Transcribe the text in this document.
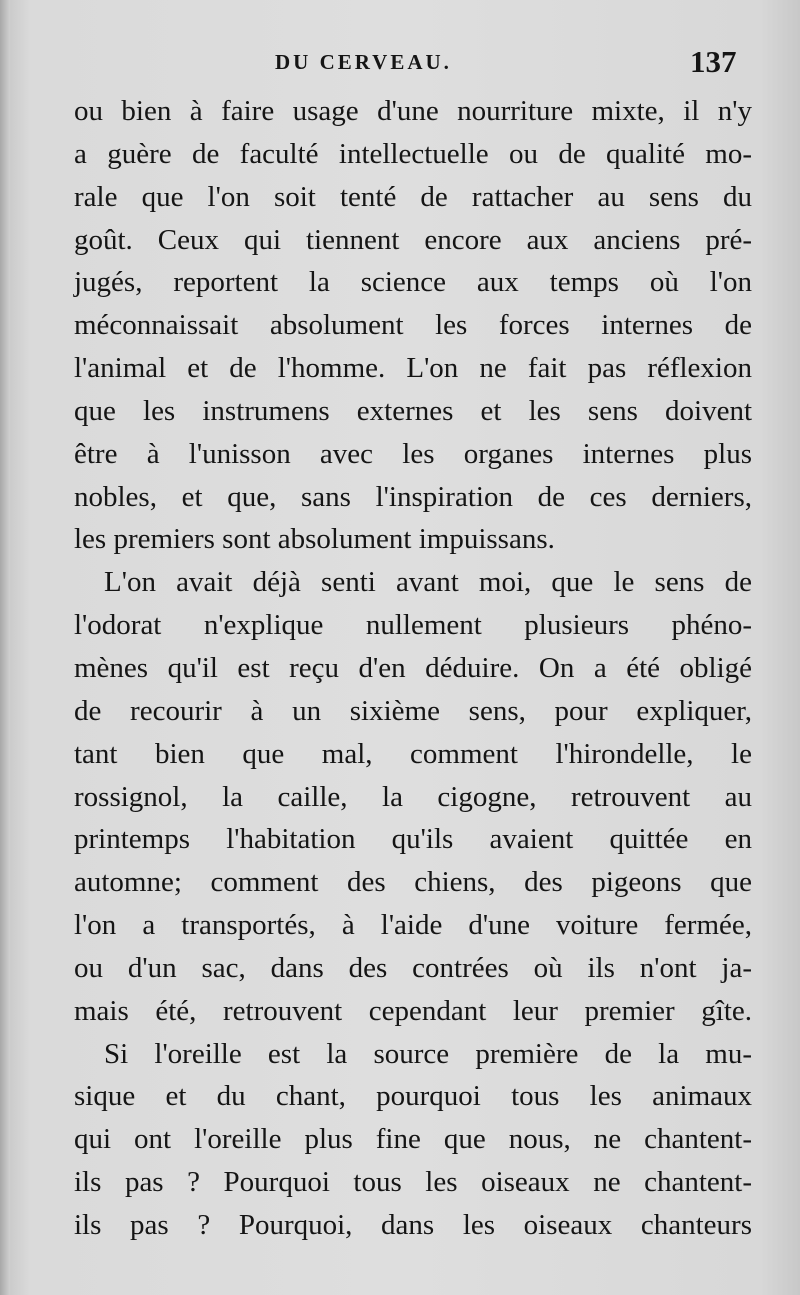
DU CERVEAU.	137
ou bien à faire usage d'une nourriture mixte, il n'y
a guère de faculté intellectuelle ou de qualité mo-
rale que l'on soit tenté de rattacher au sens du
goût. Ceux qui tiennent encore aux anciens pré-
jugés, reportent la science aux temps où l'on
méconnaissait absolument les forces internes de
l'animal et de l'homme. L'on ne fait pas réflexion
que les instrumens externes et les sens doivent
être à l'unisson avec les organes internes plus
nobles, et que, sans l'inspiration de ces derniers,
les premiers sont absolument impuissans.
L'on avait déjà senti avant moi, que le sens de
l'odorat n'explique nullement plusieurs phéno-
mènes qu'il est reçu d'en déduire. On a été obligé
de recourir à un sixième sens, pour expliquer,
tant bien que mal, comment l'hirondelle, le
rossignol, la caille, la cigogne, retrouvent au
printemps l'habitation qu'ils avaient quittée en
automne; comment des chiens, des pigeons que
l'on a transportés, à l'aide d'une voiture fermée,
ou d'un sac, dans des contrées où ils n'ont ja-
mais été, retrouvent cependant leur premier gîte.
Si l'oreille est la source première de la mu-
sique et du chant, pourquoi tous les animaux
qui ont l'oreille plus fine que nous, ne chantent-
ils pas ? Pourquoi tous les oiseaux ne chantent-
ils pas ? Pourquoi, dans les oiseaux chanteurs
